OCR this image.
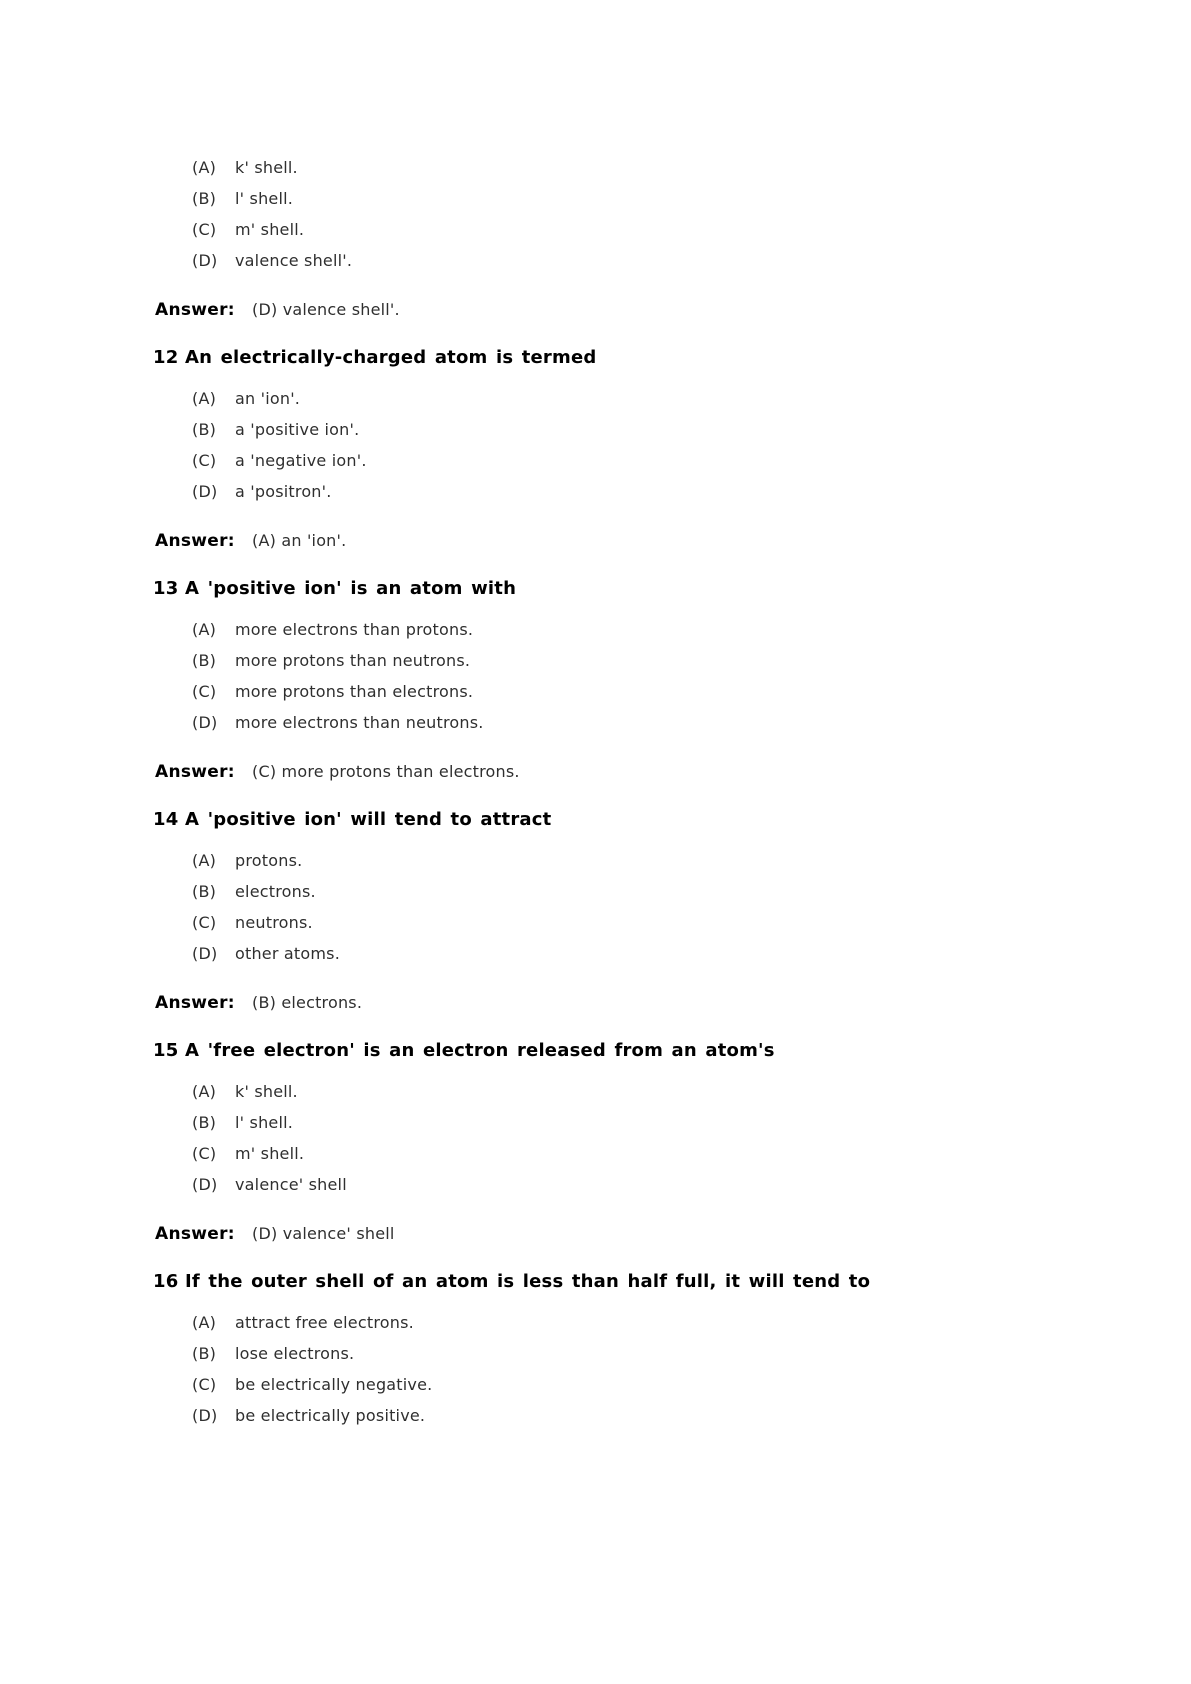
(A) k' shell.
(B) l' shell.
(C) m' shell.
(D) valence shell'.
Answer: (D) valence shell'.
12 An electrically-charged atom is termed
(A) an 'ion'.
(B) a 'positive ion'.
(C) a 'negative ion'.
(D) a 'positron'.
Answer: (A) an 'ion'.
13 A 'positive ion' is an atom with
(A) more electrons than protons.
(B) more protons than neutrons.
(C) more protons than electrons.
(D) more electrons than neutrons.
Answer: (C) more protons than electrons.
14 A 'positive ion' will tend to attract
(A) protons.
(B) electrons.
(C) neutrons.
(D) other atoms.
Answer: (B) electrons.
15 A 'free electron' is an electron released from an atom's
(A) k' shell.
(B) l' shell.
(C) m' shell.
(D) valence' shell
Answer: (D) valence' shell
16 If the outer shell of an atom is less than half full, it will tend to
(A) attract free electrons.
(B) lose electrons.
(C) be electrically negative.
(D) be electrically positive.
